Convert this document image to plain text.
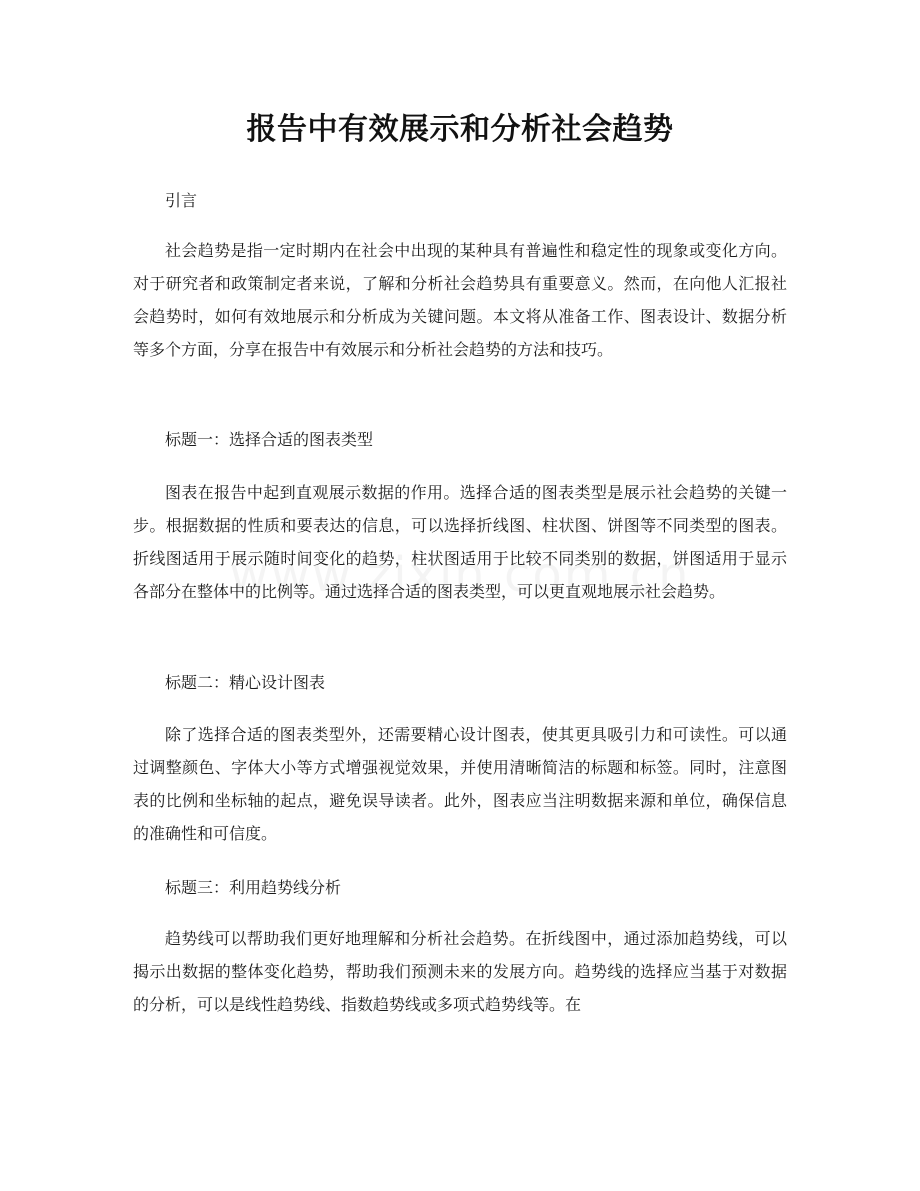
报告中有效展示和分析社会趋势

引言

社会趋势是指一定时期内在社会中出现的某种具有普遍性和稳定性的现象或变化方向。对于研究者和政策制定者来说，了解和分析社会趋势具有重要意义。然而，在向他人汇报社会趋势时，如何有效地展示和分析成为关键问题。本文将从准备工作、图表设计、数据分析等多个方面，分享在报告中有效展示和分析社会趋势的方法和技巧。

标题一：选择合适的图表类型

图表在报告中起到直观展示数据的作用。选择合适的图表类型是展示社会趋势的关键一步。根据数据的性质和要表达的信息，可以选择折线图、柱状图、饼图等不同类型的图表。折线图适用于展示随时间变化的趋势，柱状图适用于比较不同类别的数据，饼图适用于显示各部分在整体中的比例等。通过选择合适的图表类型，可以更直观地展示社会趋势。

标题二：精心设计图表

除了选择合适的图表类型外，还需要精心设计图表，使其更具吸引力和可读性。可以通过调整颜色、字体大小等方式增强视觉效果，并使用清晰简洁的标题和标签。同时，注意图表的比例和坐标轴的起点，避免误导读者。此外，图表应当注明数据来源和单位，确保信息的准确性和可信度。

标题三：利用趋势线分析

趋势线可以帮助我们更好地理解和分析社会趋势。在折线图中，通过添加趋势线，可以揭示出数据的整体变化趋势，帮助我们预测未来的发展方向。趋势线的选择应当基于对数据的分析，可以是线性趋势线、指数趋势线或多项式趋势线等。在
